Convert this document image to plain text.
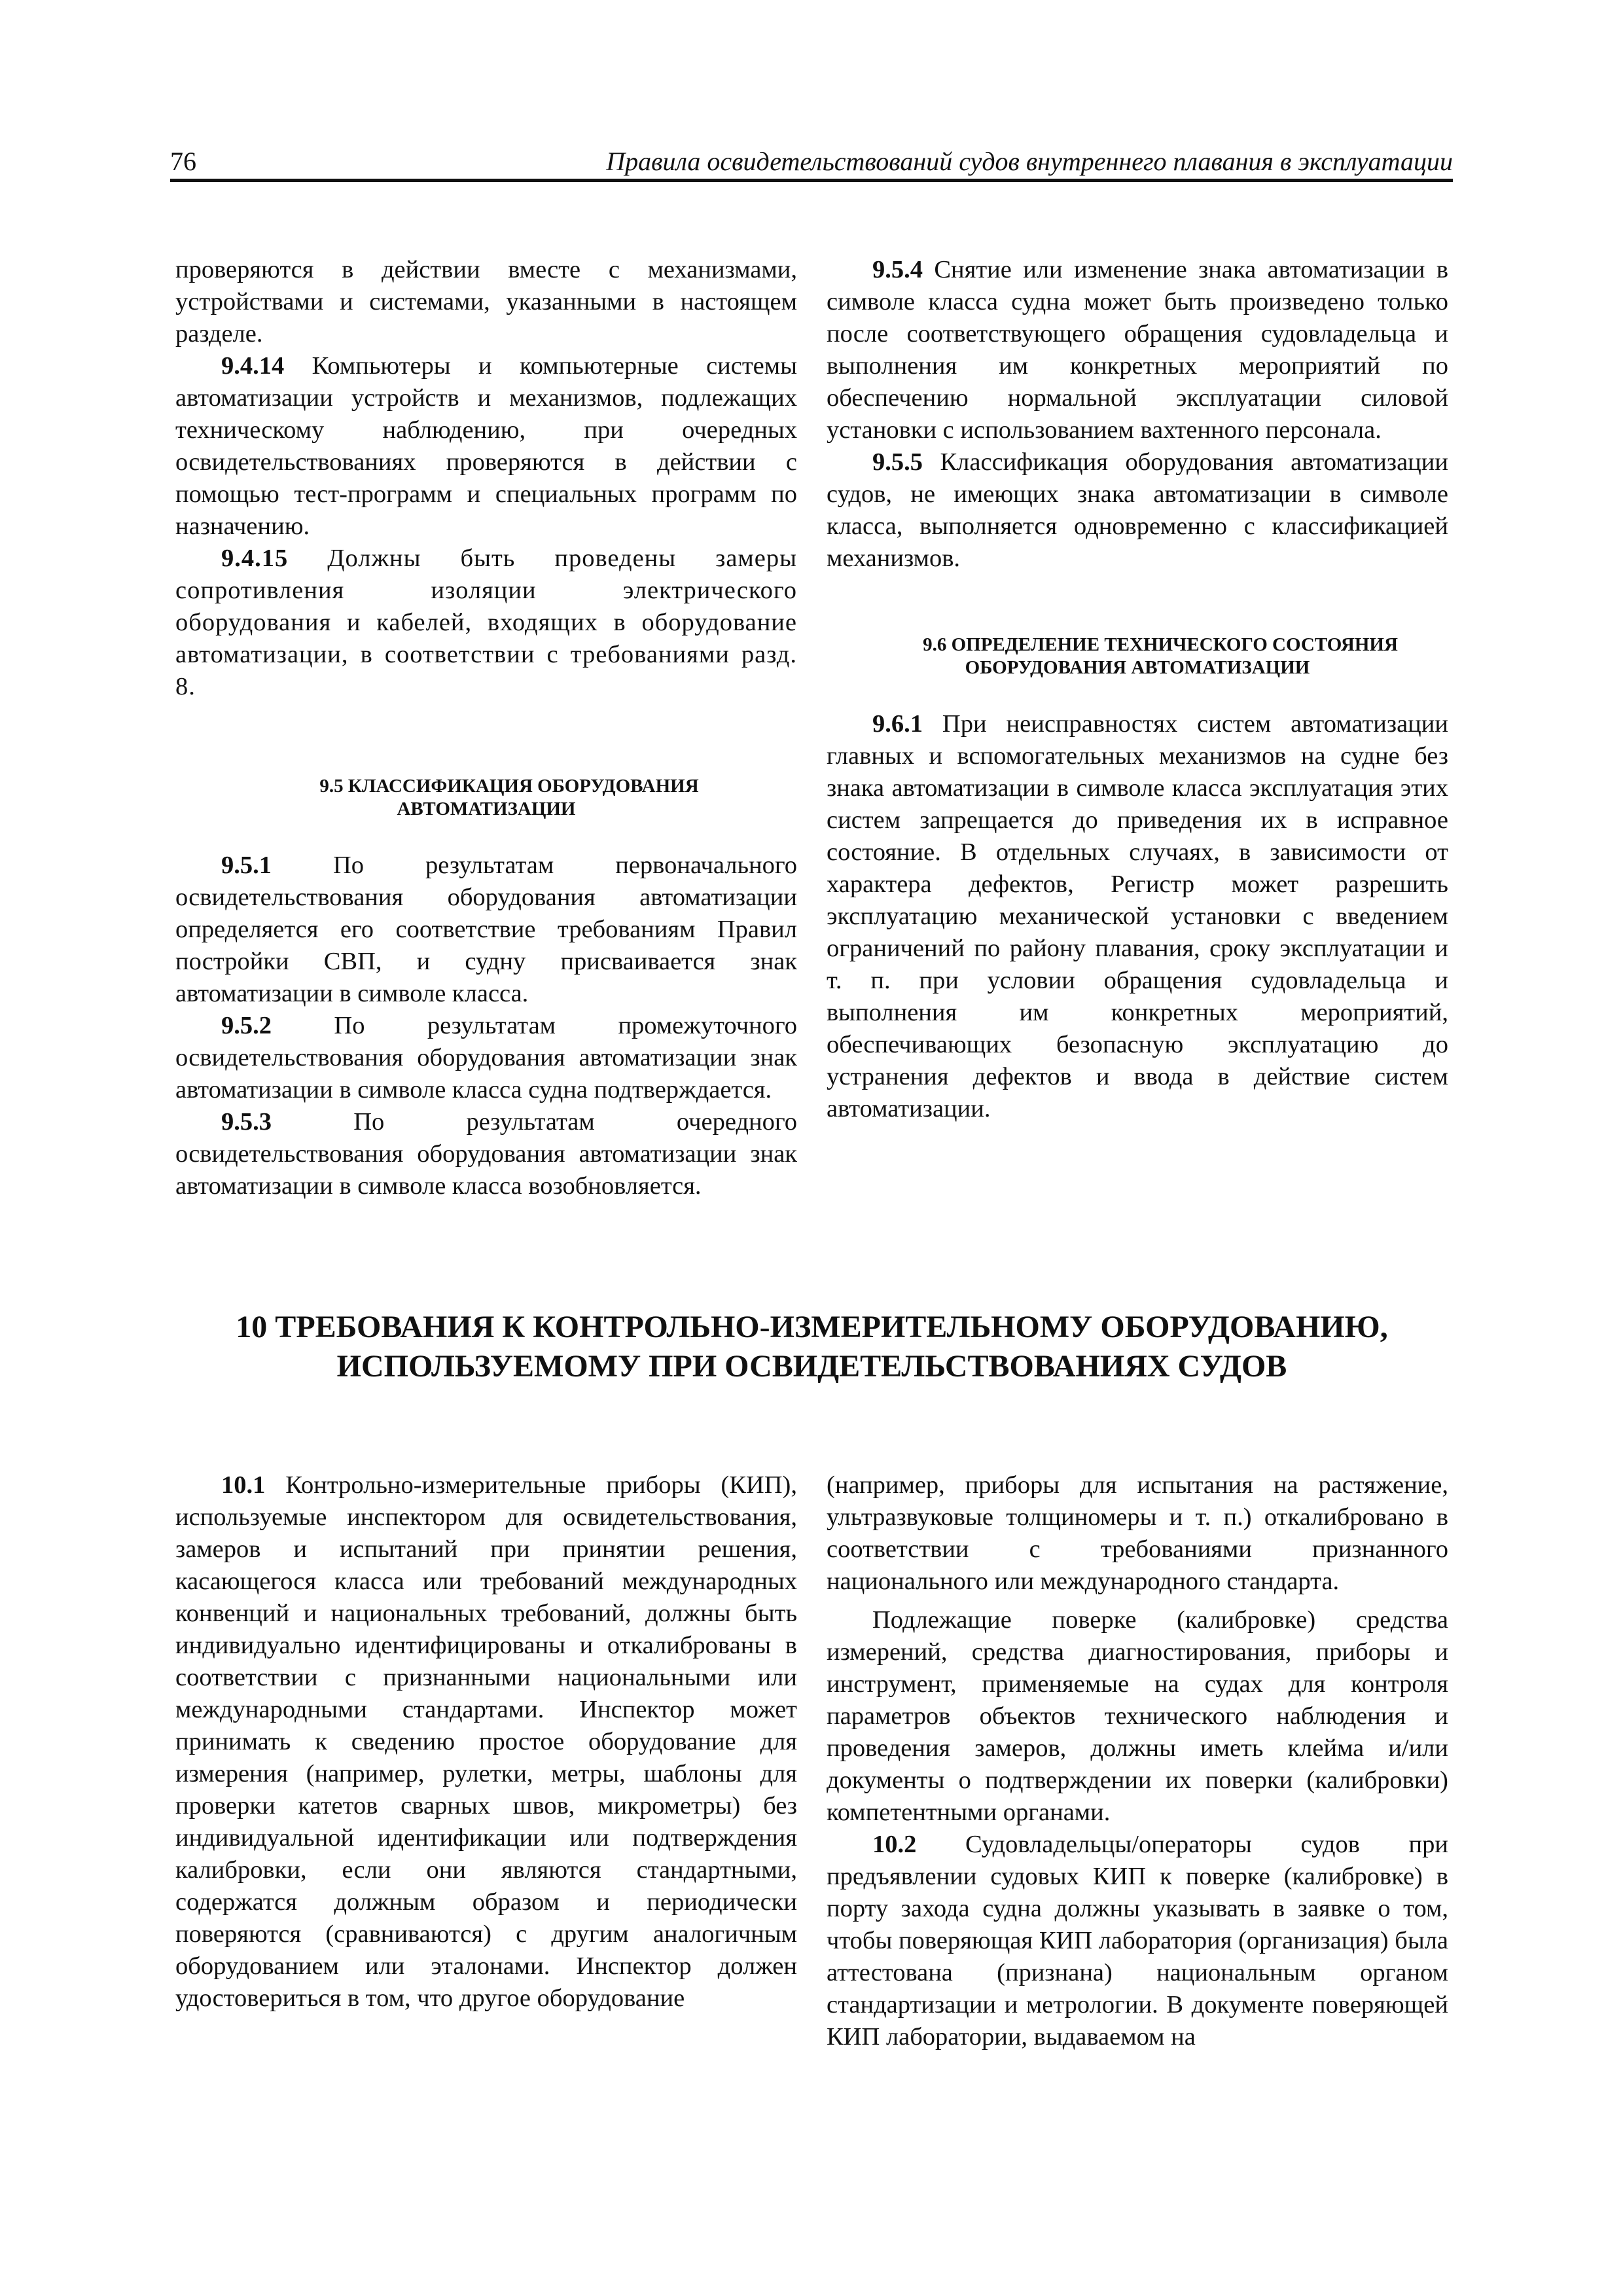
76	Правила освидетельствований судов внутреннего плавания в эксплуатации

проверяются в действии вместе с механизмами, устройствами и системами, указанными в настоящем разделе.

9.4.14 Компьютеры и компьютерные системы автоматизации устройств и механизмов, подлежащих техническому наблюдению, при очередных освидетельствованиях проверяются в действии с помощью тест-программ и специальных программ по назначению.

9.4.15 Должны быть проведены замеры сопротивления изоляции электрического оборудования и кабелей, входящих в оборудование автоматизации, в соответствии с требованиями разд. 8.

9.5 КЛАССИФИКАЦИЯ ОБОРУДОВАНИЯ
АВТОМАТИЗАЦИИ

9.5.1 По результатам первоначального освидетельствования оборудования автоматизации определяется его соответствие требованиям Правил постройки СВП, и судну присваивается знак автоматизации в символе класса.

9.5.2 По результатам промежуточного освидетельствования оборудования автоматизации знак автоматизации в символе класса судна подтверждается.

9.5.3 По результатам очередного освидетельствования оборудования автоматизации знак автоматизации в символе класса возобновляется.

9.5.4 Снятие или изменение знака автоматизации в символе класса судна может быть произведено только после соответствующего обращения судовладельца и выполнения им конкретных мероприятий по обеспечению нормальной эксплуатации силовой установки с использованием вахтенного персонала.

9.5.5 Классификация оборудования автоматизации судов, не имеющих знака автоматизации в символе класса, выполняется одновременно с классификацией механизмов.

9.6 ОПРЕДЕЛЕНИЕ ТЕХНИЧЕСКОГО СОСТОЯНИЯ
ОБОРУДОВАНИЯ АВТОМАТИЗАЦИИ

9.6.1 При неисправностях систем автоматизации главных и вспомогательных механизмов на судне без знака автоматизации в символе класса эксплуатация этих систем запрещается до приведения их в исправное состояние. В отдельных случаях, в зависимости от характера дефектов, Регистр может разрешить эксплуатацию механической установки с введением ограничений по району плавания, сроку эксплуатации и т. п. при условии обращения судовладельца и выполнения им конкретных мероприятий, обеспечивающих безопасную эксплуатацию до устранения дефектов и ввода в действие систем автоматизации.

10 ТРЕБОВАНИЯ К КОНТРОЛЬНО-ИЗМЕРИТЕЛЬНОМУ ОБОРУДОВАНИЮ,
ИСПОЛЬЗУЕМОМУ ПРИ ОСВИДЕТЕЛЬСТВОВАНИЯХ СУДОВ

10.1 Контрольно-измерительные приборы (КИП), используемые инспектором для освидетельствования, замеров и испытаний при принятии решения, касающегося класса или требований международных конвенций и национальных требований, должны быть индивидуально идентифицированы и откалиброваны в соответствии с признанными национальными или международными стандартами. Инспектор может принимать к сведению простое оборудование для измерения (например, рулетки, метры, шаблоны для проверки катетов сварных швов, микрометры) без индивидуальной идентификации или подтверждения калибровки, если они являются стандартными, содержатся должным образом и периодически поверяются (сравниваются) с другим аналогичным оборудованием или эталонами. Инспектор должен удостовериться в том, что другое оборудование

(например, приборы для испытания на растяжение, ультразвуковые толщиномеры и т. п.) откалибровано в соответствии с требованиями признанного национального или международного стандарта.

Подлежащие поверке (калибровке) средства измерений, средства диагностирования, приборы и инструмент, применяемые на судах для контроля параметров объектов технического наблюдения и проведения замеров, должны иметь клейма и/или документы о подтверждении их поверки (калибровки) компетентными органами.

10.2 Судовладельцы/операторы судов при предъявлении судовых КИП к поверке (калибровке) в порту захода судна должны указывать в заявке о том, чтобы поверяющая КИП лаборатория (организация) была аттестована (признана) национальным органом стандартизации и метрологии. В документе поверяющей КИП лаборатории, выдаваемом на
